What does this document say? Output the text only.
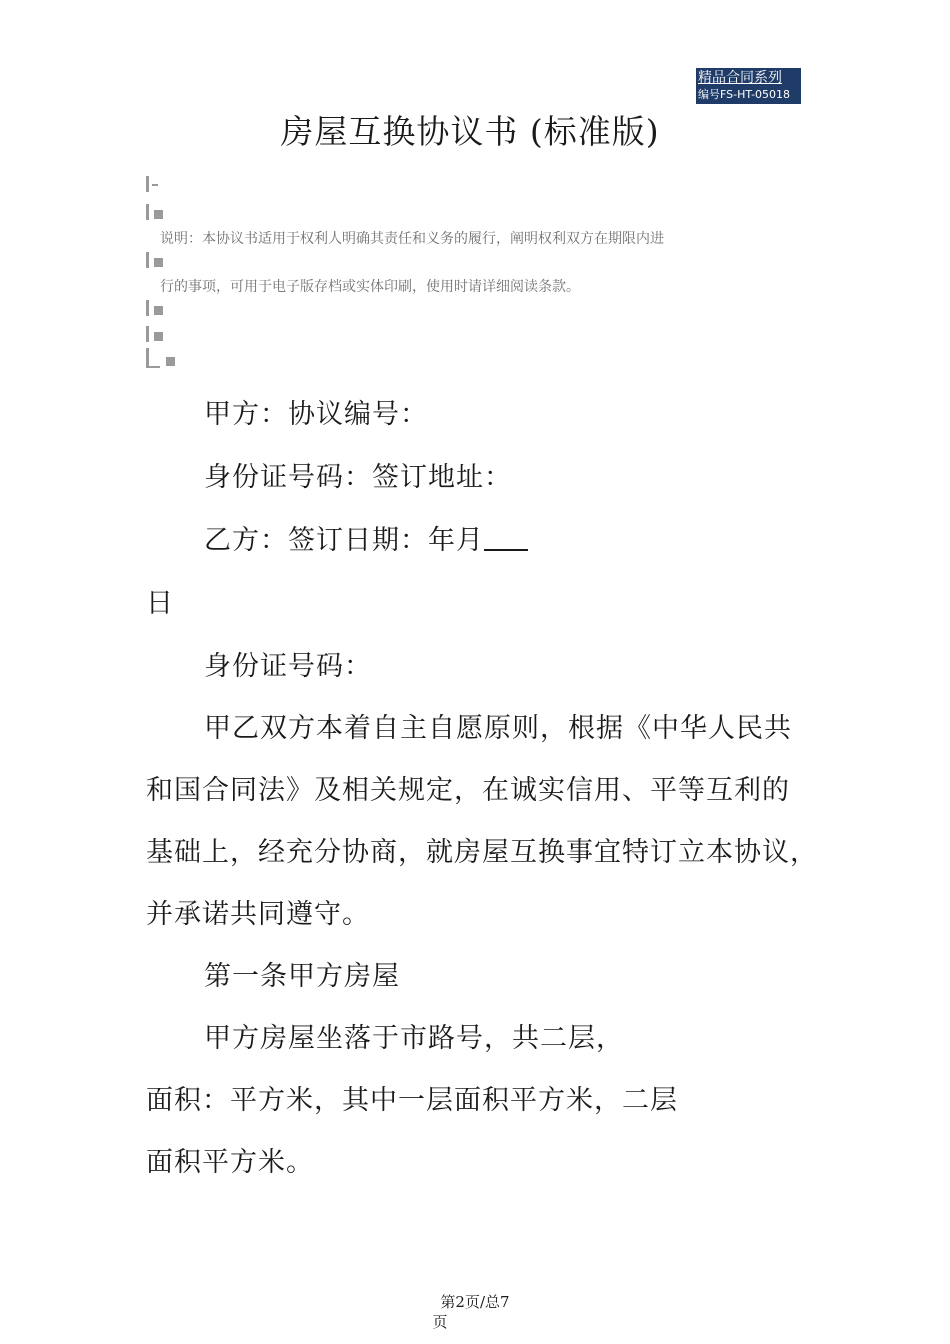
精品合同系列
编号FS-HT-05018
房屋互换协议书 (标准版)
说明：本协议书适用于权利人明确其责任和义务的履行，阐明权利双方在期限内进
行的事项，可用于电子版存档或实体印刷，使用时请详细阅读条款。
甲方：协议编号：
身份证号码：签订地址：
乙方：签订日期：年月
日
身份证号码：
甲乙双方本着自主自愿原则，根据《中华人民共
和国合同法》及相关规定，在诚实信用、平等互利的
基础上，经充分协商，就房屋互换事宜特订立本协议，
并承诺共同遵守。
第一条甲方房屋
甲方房屋坐落于市路号，共二层，
面积：平方米，其中一层面积平方米，二层
面积平方米。
第2页/总7
页
